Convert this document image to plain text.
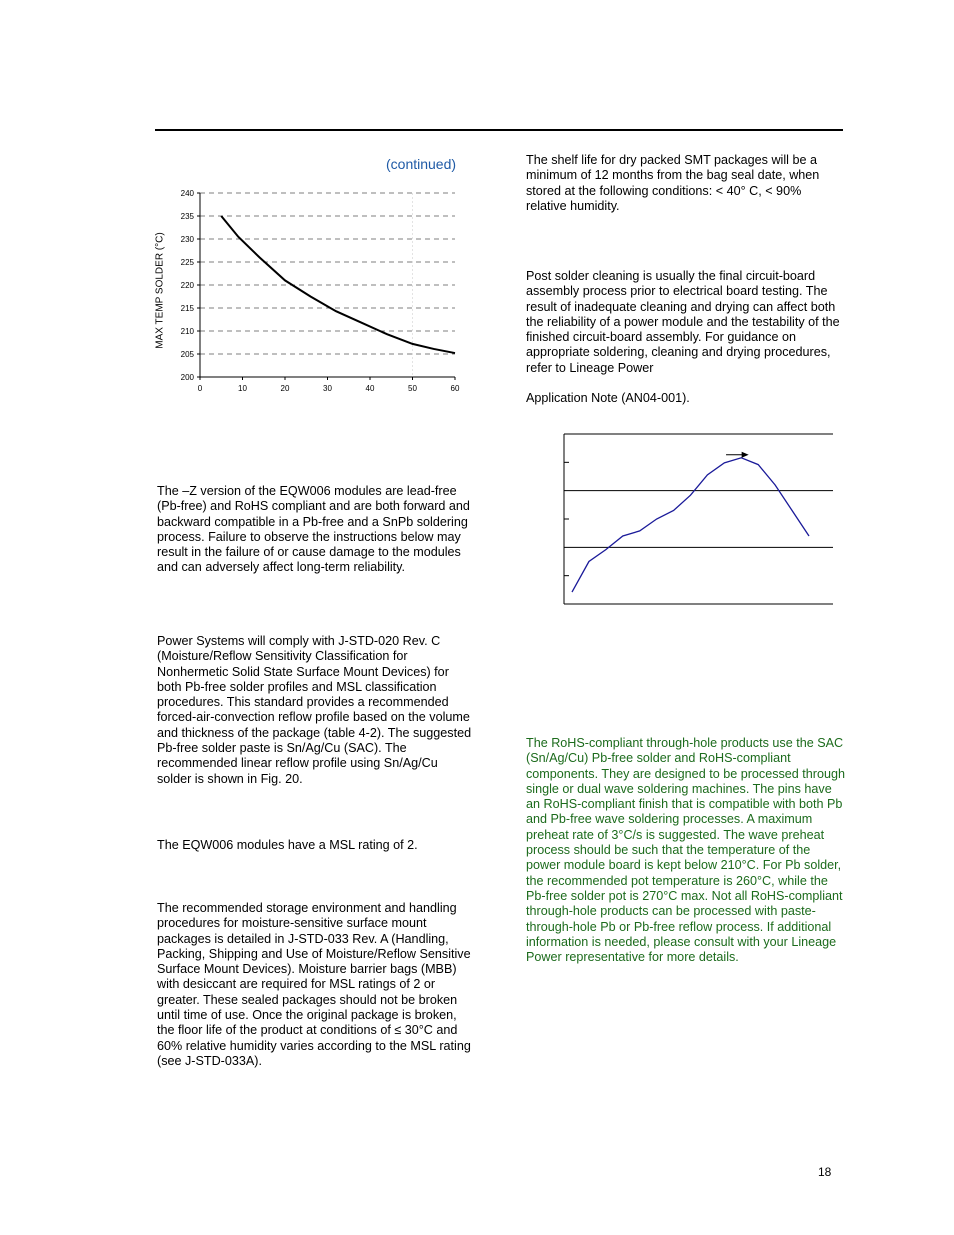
(continued)
MAX TEMP SOLDER (°C)
200
205
210
215
220
225
230
235
240
0	10	20	30	40	50	60

The –Z version of the EQW006 modules are lead-free (Pb-free) and RoHS compliant and are both forward and backward compatible in a Pb-free and a SnPb soldering process. Failure to observe the instructions below may result in the failure of or cause damage to the modules and can adversely affect long-term reliability.

Power Systems will comply with J-STD-020 Rev. C (Moisture/Reflow Sensitivity Classification for Nonhermetic Solid State Surface Mount Devices) for both Pb-free solder profiles and MSL classification procedures. This standard provides a recommended forced-air-convection reflow profile based on the volume and thickness of the package (table 4-2). The suggested Pb-free solder paste is Sn/Ag/Cu (SAC). The recommended linear reflow profile using Sn/Ag/Cu solder is shown in Fig. 20.

The EQW006 modules have a MSL rating of 2.

The recommended storage environment and handling procedures for moisture-sensitive surface mount packages is detailed in J-STD-033 Rev. A (Handling, Packing, Shipping and Use of Moisture/Reflow Sensitive Surface Mount Devices). Moisture barrier bags (MBB) with desiccant are required for MSL ratings of 2 or greater. These sealed packages should not be broken until time of use. Once the original package is broken, the floor life of the product at conditions of ≤ 30°C and 60% relative humidity varies according to the MSL rating (see J-STD-033A).

The shelf life for dry packed SMT packages will be a minimum of 12 months from the bag seal date, when stored at the following conditions: < 40° C, < 90% relative humidity.

Post solder cleaning is usually the final circuit-board assembly process prior to electrical board testing. The result of inadequate cleaning and drying can affect both the reliability of a power module and the testability of the finished circuit-board assembly. For guidance on appropriate soldering, cleaning and drying procedures, refer to Lineage Power

Application Note (AN04-001).

The RoHS-compliant through-hole products use the SAC (Sn/Ag/Cu) Pb-free solder and RoHS-compliant components. They are designed to be processed through single or dual wave soldering machines. The pins have an RoHS-compliant finish that is compatible with both Pb and Pb-free wave soldering processes. A maximum preheat rate of 3°C/s is suggested. The wave preheat process should be such that the temperature of the power module board is kept below 210°C. For Pb solder, the recommended pot temperature is 260°C, while the Pb-free solder pot is 270°C max. Not all RoHS-compliant through-hole products can be processed with paste-through-hole Pb or Pb-free reflow process. If additional information is needed, please consult with your Lineage Power representative for more details.

18
